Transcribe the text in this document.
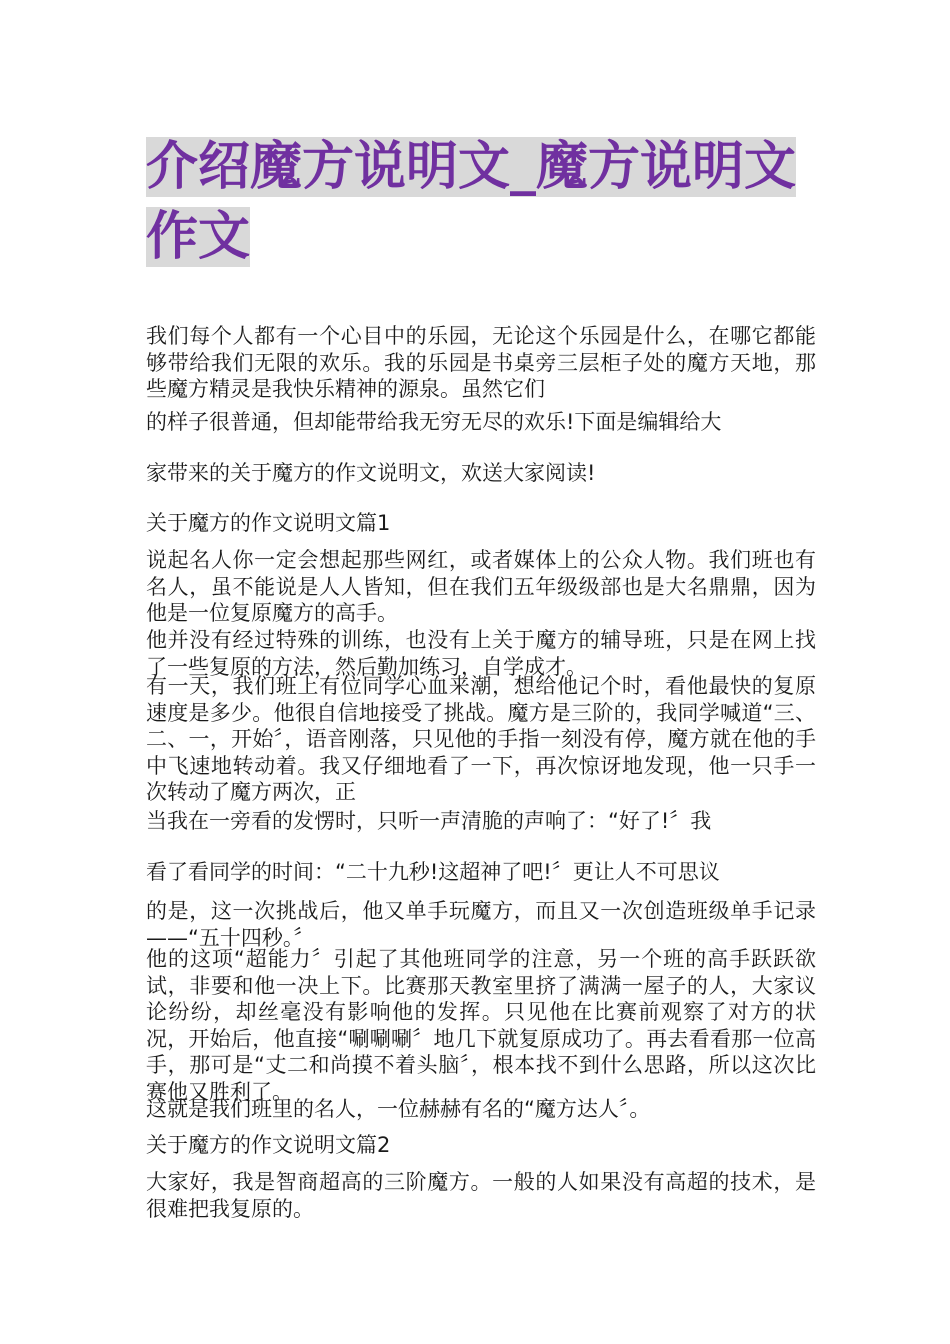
介绍魔方说明文_魔方说明文作文

我们每个人都有一个心目中的乐园，无论这个乐园是什么，在哪它都能够带给我们无限的欢乐。我的乐园是书桌旁三层柜子处的魔方天地，那些魔方精灵是我快乐精神的源泉。虽然它们

的样子很普通，但却能带给我无穷无尽的欢乐!下面是编辑给大

家带来的关于魔方的作文说明文，欢送大家阅读!

关于魔方的作文说明文篇1

说起名人你一定会想起那些网红，或者媒体上的公众人物。我们班也有名人，虽不能说是人人皆知，但在我们五年级级部也是大名鼎鼎，因为他是一位复原魔方的高手。

他并没有经过特殊的训练，也没有上关于魔方的辅导班，只是在网上找了一些复原的方法，然后勤加练习，自学成才。

有一天，我们班上有位同学心血来潮，想给他记个时，看他最快的复原速度是多少。他很自信地接受了挑战。魔方是三阶的，我同学喊道“三、二、一，开始〞，语音刚落，只见他的手指一刻没有停，魔方就在他的手中飞速地转动着。我又仔细地看了一下，再次惊讶地发现，他一只手一次转动了魔方两次，正

当我在一旁看的发愣时，只听一声清脆的声响了：“好了!〞我

看了看同学的时间：“二十九秒!这超神了吧!〞更让人不可思议

的是，这一次挑战后，他又单手玩魔方，而且又一次创造班级单手记录——“五十四秒。〞

他的这项“超能力〞引起了其他班同学的注意，另一个班的高手跃跃欲试，非要和他一决上下。比赛那天教室里挤了满满一屋子的人，大家议论纷纷，却丝毫没有影响他的发挥。只见他在比赛前观察了对方的状况，开始后，他直接“唰唰唰〞地几下就复原成功了。再去看看那一位高手，那可是“丈二和尚摸不着头脑〞，根本找不到什么思路，所以这次比赛他又胜利了。

这就是我们班里的名人，一位赫赫有名的“魔方达人〞。

关于魔方的作文说明文篇2

大家好，我是智商超高的三阶魔方。一般的人如果没有高超的技术，是很难把我复原的。
